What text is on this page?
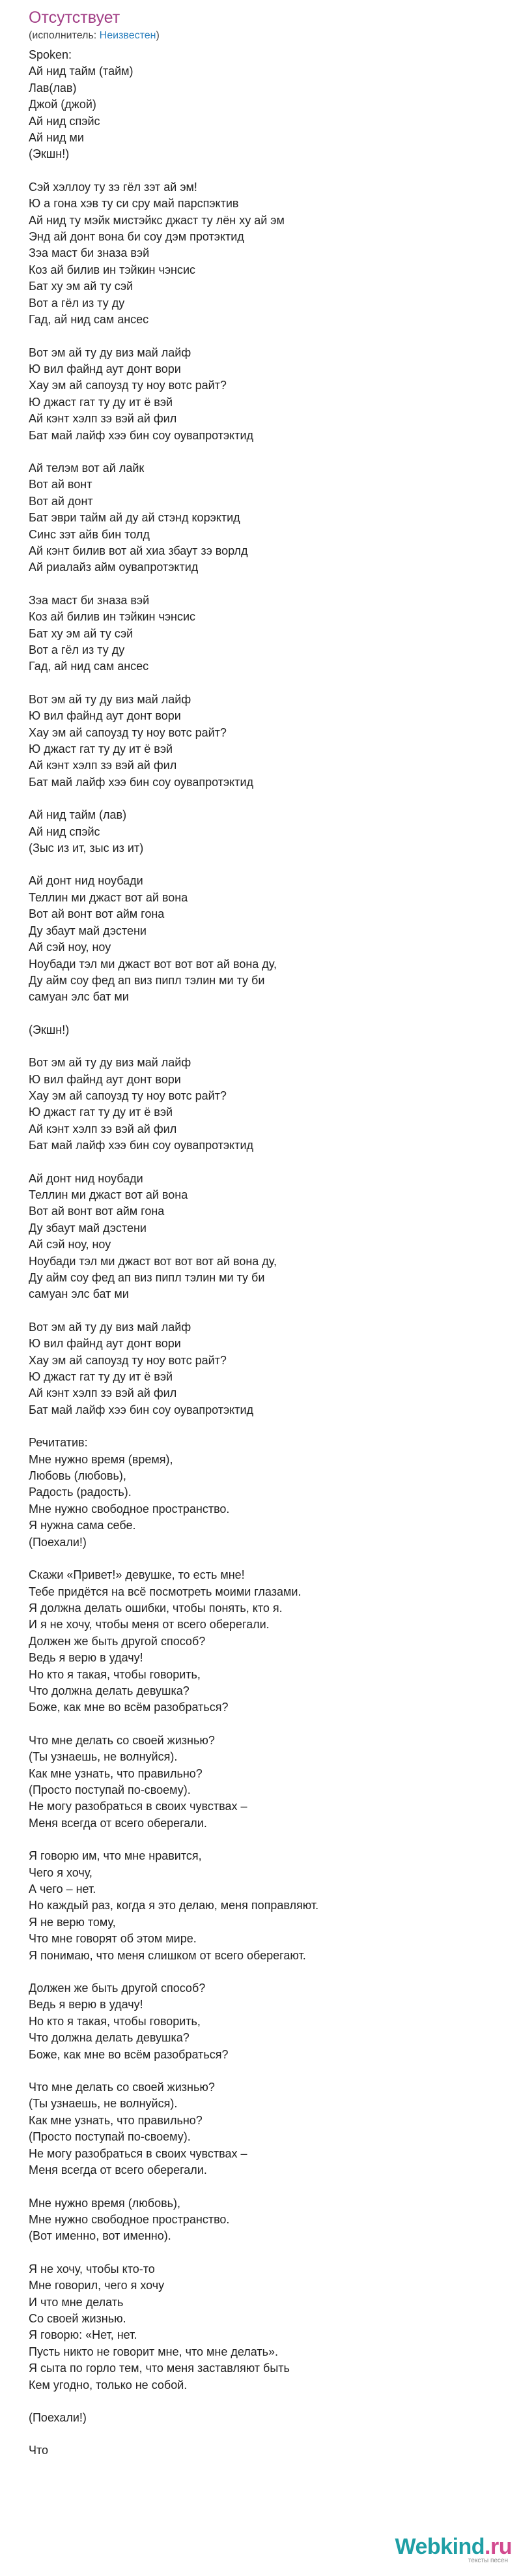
Отсутствует
(исполнитель: Неизвестен)
Spoken:
Ай нид тайм (тайм)
Лав(лав)
Джой (джой)
Ай нид спэйс
Ай нид ми
(Экшн!)
Сэй хэллоу ту зэ гёл зэт ай эм!
Ю а гона хэв ту си сру май парспэктив
Ай нид ту мэйк мистэйкс джаст ту лён ху ай эм
Энд ай донт вона би соу дэм протэктид
Зэа маст би зназа вэй
Коз ай билив ин тэйкин чэнсис
Бат ху эм ай ту сэй
Вот а гёл из ту ду
Гад, ай нид сам ансес
Вот эм ай ту ду виз май лайф
Ю вил файнд аут донт вори
Хау эм ай сапоузд ту ноу вотс райт?
Ю джаст гат ту ду ит ё вэй
Ай кэнт хэлп зэ вэй ай фил
Бат май лайф хээ бин соу оувапротэктид
Ай телэм вот ай лайк
Вот ай вонт
Вот ай донт
Бат эври тайм ай ду ай стэнд корэктид
Синс зэт айв бин толд
Ай кэнт билив вот ай хиа збаут зэ ворлд
Ай риалайз айм оувапротэктид
Зэа маст би зназа вэй
Коз ай билив ин тэйкин чэнсис
Бат ху эм ай ту сэй
Вот а гёл из ту ду
Гад, ай нид сам ансес
Вот эм ай ту ду виз май лайф
Ю вил файнд аут донт вори
Хау эм ай сапоузд ту ноу вотс райт?
Ю джаст гат ту ду ит ё вэй
Ай кэнт хэлп зэ вэй ай фил
Бат май лайф хээ бин соу оувапротэктид
Ай нид тайм (лав)
Ай нид спэйс
(Зыс из ит, зыс из ит)
Ай донт нид ноубади
Теллин ми джаст вот ай вона
Вот ай вонт вот айм гона
Ду збаут май дэстени
Ай сэй ноу, ноу
Ноубади тэл ми джаст вот вот вот ай вона ду,
Ду айм соу фед ап виз пипл тэлин ми ту би
самуан элс бат ми
(Экшн!)
Вот эм ай ту ду виз май лайф
Ю вил файнд аут донт вори
Хау эм ай сапоузд ту ноу вотс райт?
Ю джаст гат ту ду ит ё вэй
Ай кэнт хэлп зэ вэй ай фил
Бат май лайф хээ бин соу оувапротэктид
Ай донт нид ноубади
Теллин ми джаст вот ай вона
Вот ай вонт вот айм гона
Ду збаут май дэстени
Ай сэй ноу, ноу
Ноубади тэл ми джаст вот вот вот ай вона ду,
Ду айм соу фед ап виз пипл тэлин ми ту би
самуан элс бат ми
Вот эм ай ту ду виз май лайф
Ю вил файнд аут донт вори
Хау эм ай сапоузд ту ноу вотс райт?
Ю джаст гат ту ду ит ё вэй
Ай кэнт хэлп зэ вэй ай фил
Бат май лайф хээ бин соу оувапротэктид
Речитатив:
Мне нужно время (время),
Любовь (любовь),
Радость (радость).
Мне нужно свободное пространство.
Я нужна сама себе.
(Поехали!)
Скажи «Привет!» девушке, то есть мне!
Тебе придётся на всё посмотреть моими глазами.
Я должна делать ошибки, чтобы понять, кто я.
И я не хочу, чтобы меня от всего оберегали.
Должен же быть другой способ?
Ведь я верю в удачу!
Но кто я такая, чтобы говорить,
Что должна делать девушка?
Боже, как мне во всём разобраться?
Что мне делать со своей жизнью?
(Ты узнаешь, не волнуйся).
Как мне узнать, что правильно?
(Просто поступай по-своему).
Не могу разобраться в своих чувствах –
Меня всегда от всего оберегали.
Я говорю им, что мне нравится,
Чего я хочу,
А чего – нет.
Но каждый раз, когда я это делаю, меня поправляют.
Я не верю тому,
Что мне говорят об этом мире.
Я понимаю, что меня слишком от всего оберегают.
Должен же быть другой способ?
Ведь я верю в удачу!
Но кто я такая, чтобы говорить,
Что должна делать девушка?
Боже, как мне во всём разобраться?
Что мне делать со своей жизнью?
(Ты узнаешь, не волнуйся).
Как мне узнать, что правильно?
(Просто поступай по-своему).
Не могу разобраться в своих чувствах –
Меня всегда от всего оберегали.
Мне нужно время (любовь),
Мне нужно свободное пространство.
(Вот именно, вот именно).
Я не хочу, чтобы кто-то
Мне говорил, чего я хочу
И что мне делать
Со своей жизнью.
Я говорю: «Нет, нет.
Пусть никто не говорит мне, что мне делать».
Я сыта по горло тем, что меня заставляют быть
Кем угодно, только не собой.
(Поехали!)
Что
Webkind.ru
тексты песен
